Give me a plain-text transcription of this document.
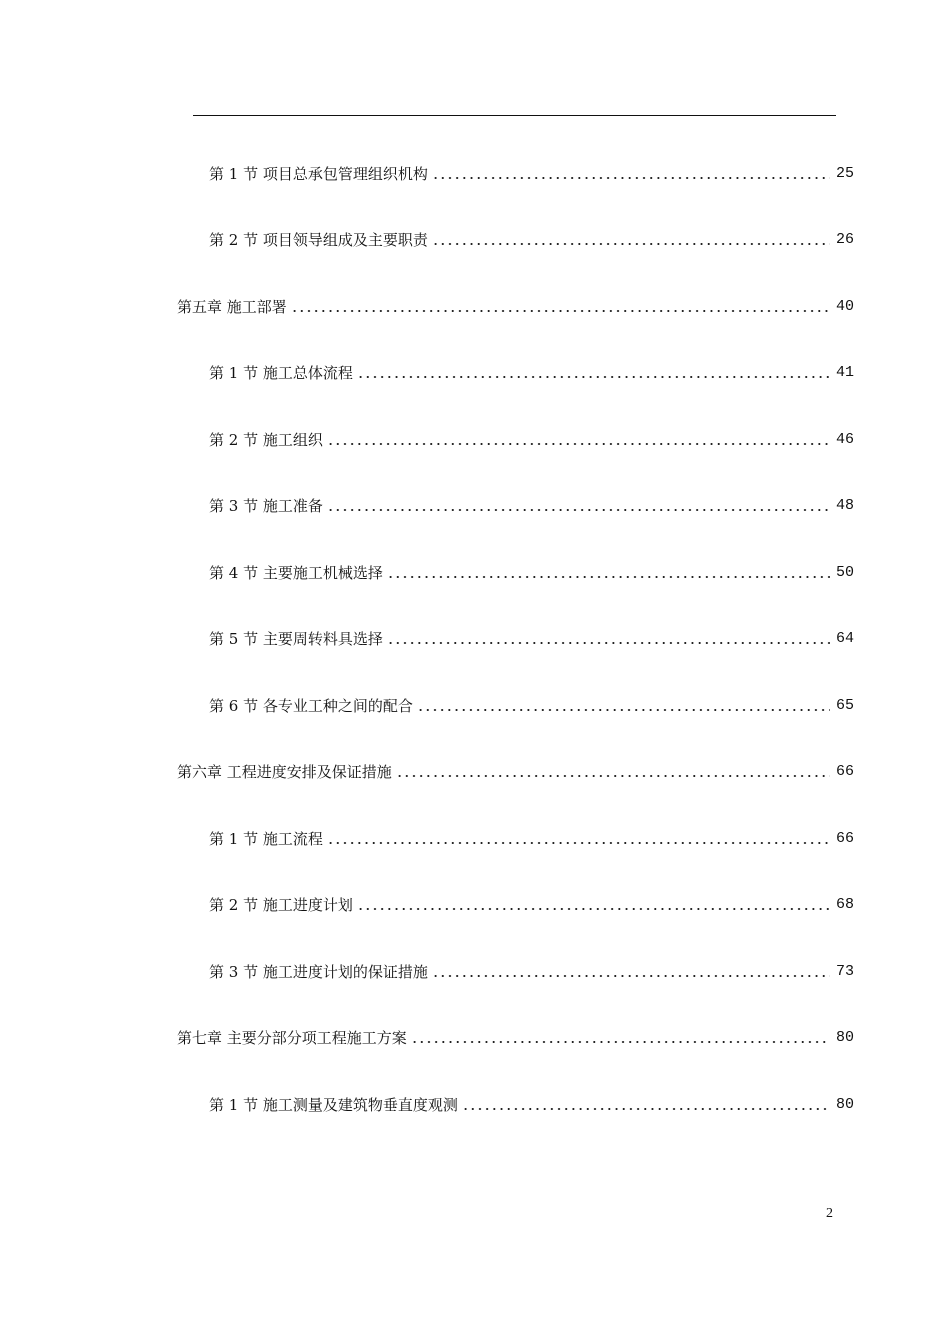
第 1 节 项目总承包管理组织机构	25
第 2 节 项目领导组成及主要职责	26
第五章 施工部署	40
第 1 节 施工总体流程	41
第 2 节 施工组织	46
第 3 节 施工准备	48
第 4 节 主要施工机械选择	50
第 5 节 主要周转料具选择	64
第 6 节 各专业工种之间的配合	65
第六章 工程进度安排及保证措施	66
第 1 节 施工流程	66
第 2 节 施工进度计划	68
第 3 节 施工进度计划的保证措施	73
第七章 主要分部分项工程施工方案	80
第 1 节 施工测量及建筑物垂直度观测	80
2
